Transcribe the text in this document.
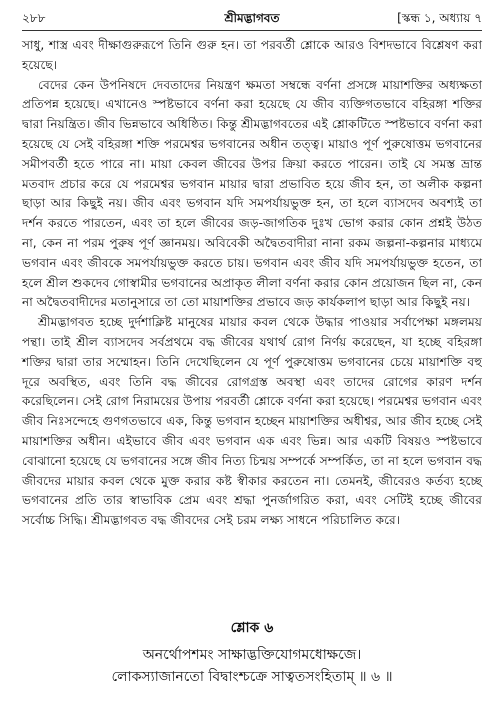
২৮৮	শ্রীমদ্ভাগবত	[স্কন্ধ ১, অধ্যায় ৭

সাধু, শাস্ত্র এবং দীক্ষাগুরুরূপে তিনি গুরু হন। তা পরবর্তী শ্লোকে আরও বিশদভাবে বিশ্লেষণ করা হয়েছে।

বেদের কেন উপনিষদে দেবতাদের নিয়ন্ত্রণ ক্ষমতা সম্বন্ধে বর্ণনা প্রসঙ্গে মায়াশক্তির অধ্যক্ষতা প্রতিপন্ন হয়েছে। এখানেও স্পষ্টভাবে বর্ণনা করা হয়েছে যে জীব ব্যক্তিগতভাবে বহিরঙ্গা শক্তির দ্বারা নিয়ন্ত্রিত। জীব ভিন্নভাবে অধিষ্ঠিত। কিন্তু শ্রীমদ্ভাগবতের এই শ্লোকটিতে স্পষ্টভাবে বর্ণনা করা হয়েছে যে সেই বহিরঙ্গা শক্তি পরমেশ্বর ভগবানের অধীন তত্ত্ব। মায়াও পূর্ণ পুরুষোত্তম ভগবানের সমীপবর্তী হতে পারে না। মায়া কেবল জীবের উপর ক্রিয়া করতে পারেন। তাই যে সমস্ত ভ্রান্ত মতবাদ প্রচার করে যে পরমেশ্বর ভগবান মায়ার দ্বারা প্রভাবিত হয়ে জীব হন, তা অলীক কল্পনা ছাড়া আর কিছুই নয়। জীব এবং ভগবান যদি সমপর্যায়ভুক্ত হন, তা হলে ব্যাসদেব অবশ্যই তা দর্শন করতে পারতেন, এবং তা হলে জীবের জড়-জাগতিক দুঃখ ভোগ করার কোন প্রশ্নই উঠত না, কেন না পরম পুরুষ পূর্ণ জ্ঞানময়। অবিবেকী অদ্বৈতবাদীরা নানা রকম জল্পনা-কল্পনার মাধ্যমে ভগবান এবং জীবকে সমপর্যায়ভুক্ত করতে চায়। ভগবান এবং জীব যদি সমপর্যায়ভুক্ত হতেন, তা হলে শ্রীল শুকদেব গোস্বামীর ভগবানের অপ্রাকৃত লীলা বর্ণনা করার কোন প্রয়োজন ছিল না, কেন না অদ্বৈতবাদীদের মতানুসারে তা তো মায়াশক্তির প্রভাবে জড় কার্যকলাপ ছাড়া আর কিছুই নয়।

শ্রীমদ্ভাগবত হচ্ছে দুর্দশাক্লিষ্ট মানুষের মায়ার কবল থেকে উদ্ধার পাওয়ার সর্বাপেক্ষা মঙ্গলময় পন্থা। তাই শ্রীল ব্যাসদেব সর্বপ্রথমে বদ্ধ জীবের যথার্থ রোগ নির্ণয় করেছেন, যা হচ্ছে বহিরঙ্গা শক্তির দ্বারা তার সম্মোহন। তিনি দেখেছিলেন যে পূর্ণ পুরুষোত্তম ভগবানের চেয়ে মায়াশক্তি বহু দূরে অবস্থিত, এবং তিনি বদ্ধ জীবের রোগগ্রস্ত অবস্থা এবং তাদের রোগের কারণ দর্শন করেছিলেন। সেই রোগ নিরাময়ের উপায় পরবর্তী শ্লোকে বর্ণনা করা হয়েছে। পরমেশ্বর ভগবান এবং জীব নিঃসন্দেহে গুণগতভাবে এক, কিন্তু ভগবান হচ্ছেন মায়াশক্তির অধীশ্বর, আর জীব হচ্ছে সেই মায়াশক্তির অধীন। এইভাবে জীব এবং ভগবান এক এবং ভিন্ন। আর একটি বিষয়ও স্পষ্টভাবে বোঝানো হয়েছে যে ভগবানের সঙ্গে জীব নিত্য চিন্ময় সম্পর্কে সম্পর্কিত, তা না হলে ভগবান বদ্ধ জীবদের মায়ার কবল থেকে মুক্ত করার কষ্ট স্বীকার করতেন না। তেমনই, জীবেরও কর্তব্য হচ্ছে ভগবানের প্রতি তার স্বাভাবিক প্রেম এবং শ্রদ্ধা পুনর্জাগরিত করা, এবং সেটিই হচ্ছে জীবের সর্বোচ্চ সিদ্ধি। শ্রীমদ্ভাগবত বদ্ধ জীবদের সেই চরম লক্ষ্য সাধনে পরিচালিত করে।

শ্লোক ৬
অনর্থোপশমং সাক্ষাদ্ভক্তিযোগমধোক্ষজে।
লোকস্যাজানতো বিদ্বাংশ্চক্রে সাত্বতসংহিতাম্ ॥ ৬ ॥
